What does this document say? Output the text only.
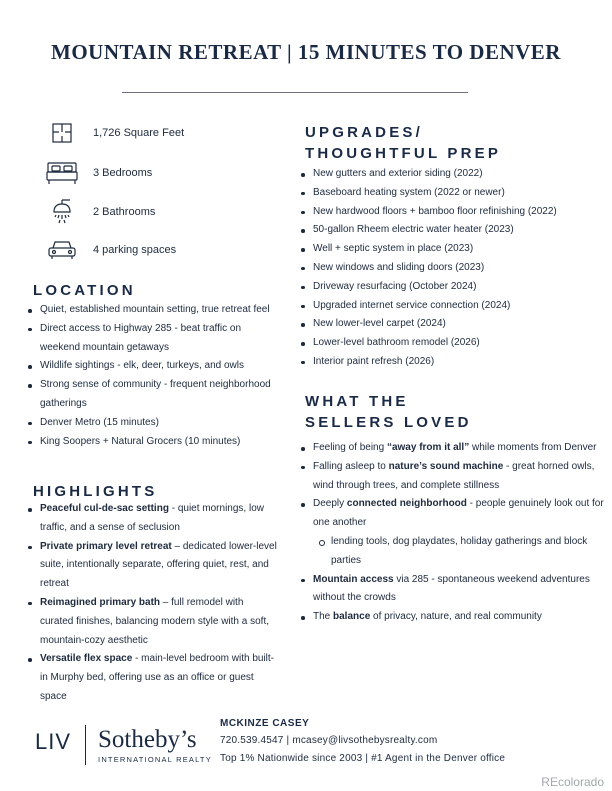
MOUNTAIN RETREAT | 15 MINUTES TO DENVER
1,726 Square Feet
3 Bedrooms
2 Bathrooms
4 parking spaces
LOCATION
Quiet, established mountain setting, true retreat feel
Direct access to Highway 285 - beat traffic on weekend mountain getaways
Wildlife sightings - elk, deer, turkeys, and owls
Strong sense of community - frequent neighborhood gatherings
Denver Metro (15 minutes)
King Soopers + Natural Grocers (10 minutes)
HIGHLIGHTS
Peaceful cul-de-sac setting - quiet mornings, low traffic, and a sense of seclusion
Private primary level retreat – dedicated lower-level suite, intentionally separate, offering quiet, rest, and retreat
Reimagined primary bath – full remodel with curated finishes, balancing modern style with a soft, mountain-cozy aesthetic
Versatile flex space - main-level bedroom with built-in Murphy bed, offering use as an office or guest space
UPGRADES/
THOUGHTFUL PREP
New gutters and exterior siding (2022)
Baseboard heating system (2022 or newer)
New hardwood floors + bamboo floor refinishing (2022)
50-gallon Rheem electric water heater (2023)
Well + septic system in place (2023)
New windows and sliding doors (2023)
Driveway resurfacing (October 2024)
Upgraded internet service connection (2024)
New lower-level carpet (2024)
Lower-level bathroom remodel (2026)
Interior paint refresh (2026)
WHAT THE
SELLERS LOVED
Feeling of being “away from it all” while moments from Denver
Falling asleep to nature’s sound machine - great horned owls, wind through trees, and complete stillness
Deeply connected neighborhood - people genuinely look out for one another
lending tools, dog playdates, holiday gatherings and block parties
Mountain access via 285 - spontaneous weekend adventures without the crowds
The balance of privacy, nature, and real community
LIV Sotheby’s
INTERNATIONAL REALTY
MCKINZE CASEY
720.539.4547 | mcasey@livsothebysrealty.com
Top 1% Nationwide since 2003 | #1 Agent in the Denver office
REcolorado
